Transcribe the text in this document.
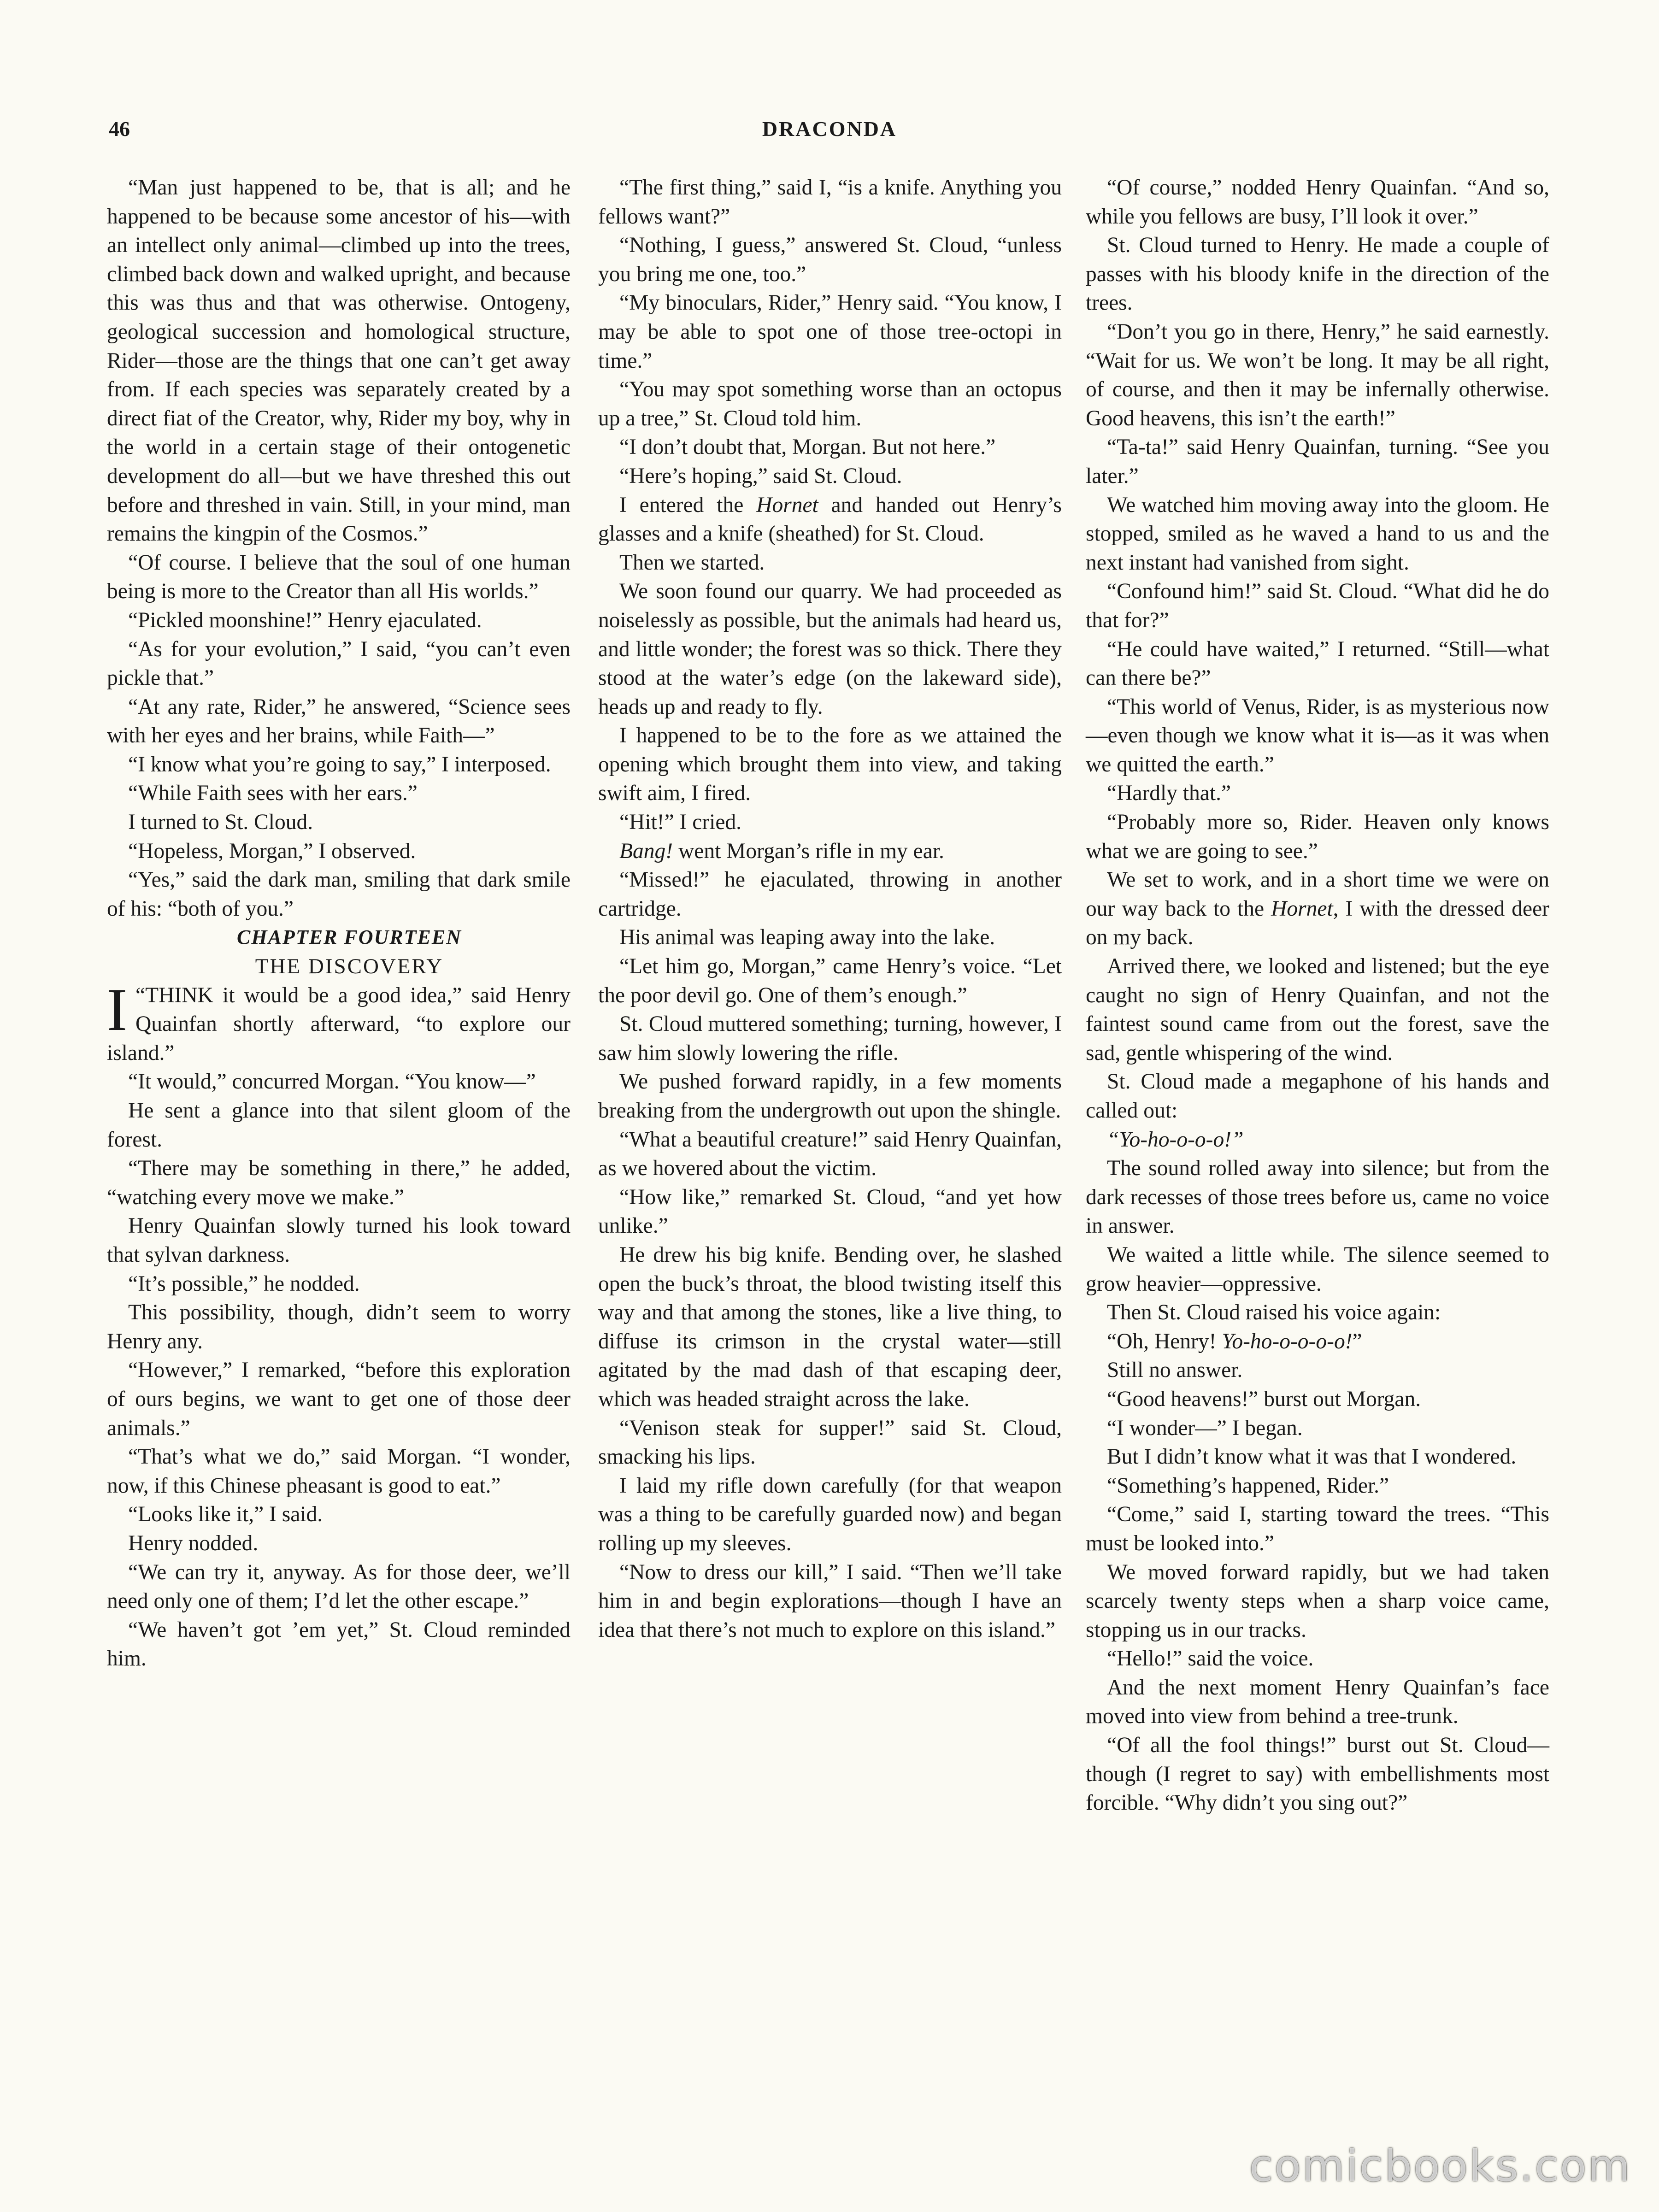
46	DRACONDA

“Man just happened to be, that is all; and he happened to be because some ancestor of his—with an intellect only animal—climbed up into the trees, climbed back down and walked upright, and because this was thus and that was otherwise. Ontogeny, geological succession and homological structure, Rider—those are the things that one can’t get away from. If each species was separately created by a direct fiat of the Creator, why, Rider my boy, why in the world in a certain stage of their ontogenetic development do all—but we have threshed this out before and threshed in vain. Still, in your mind, man remains the kingpin of the Cosmos.”

“Of course. I believe that the soul of one human being is more to the Creator than all His worlds.”

“Pickled moonshine!” Henry ejaculated.

“As for your evolution,” I said, “you can’t even pickle that.”

“At any rate, Rider,” he answered, “Science sees with her eyes and her brains, while Faith—”

“I know what you’re going to say,” I interposed.

“While Faith sees with her ears.”

I turned to St. Cloud.

“Hopeless, Morgan,” I observed.

“Yes,” said the dark man, smiling that dark smile of his: “both of you.”

CHAPTER FOURTEEN

THE DISCOVERY

“
I THINK it would be a good idea,” said Henry Quainfan shortly afterward, “to explore our island.”

“It would,” concurred Morgan. “You know—”

He sent a glance into that silent gloom of the forest.

“There may be something in there,” he added, “watching every move we make.”

Henry Quainfan slowly turned his look toward that sylvan darkness.

“It’s possible,” he nodded.

This possibility, though, didn’t seem to worry Henry any.

“However,” I remarked, “before this exploration of ours begins, we want to get one of those deer animals.”

“That’s what we do,” said Morgan. “I wonder, now, if this Chinese pheasant is good to eat.”

“Looks like it,” I said.

Henry nodded.

“We can try it, anyway. As for those deer, we’ll need only one of them; I’d let the other escape.”

“We haven’t got ’em yet,” St. Cloud reminded him.

“The first thing,” said I, “is a knife. Anything you fellows want?”

“Nothing, I guess,” answered St. Cloud, “unless you bring me one, too.”

“My binoculars, Rider,” Henry said. “You know, I may be able to spot one of those tree-octopi in time.”

“You may spot something worse than an octopus up a tree,” St. Cloud told him.

“I don’t doubt that, Morgan. But not here.”

“Here’s hoping,” said St. Cloud.

I entered the Hornet and handed out Henry’s glasses and a knife (sheathed) for St. Cloud.

Then we started.

We soon found our quarry. We had proceeded as noiselessly as possible, but the animals had heard us, and little wonder; the forest was so thick. There they stood at the water’s edge (on the lakeward side), heads up and ready to fly.

I happened to be to the fore as we attained the opening which brought them into view, and taking swift aim, I fired.

“Hit!” I cried.

Bang! went Morgan’s rifle in my ear.

“Missed!” he ejaculated, throwing in another cartridge.

His animal was leaping away into the lake.

“Let him go, Morgan,” came Henry’s voice. “Let the poor devil go. One of them’s enough.”

St. Cloud muttered something; turning, however, I saw him slowly lowering the rifle.

We pushed forward rapidly, in a few moments breaking from the undergrowth out upon the shingle.

“What a beautiful creature!” said Henry Quainfan, as we hovered about the victim.

“How like,” remarked St. Cloud, “and yet how unlike.”

He drew his big knife. Bending over, he slashed open the buck’s throat, the blood twisting itself this way and that among the stones, like a live thing, to diffuse its crimson in the crystal water—still agitated by the mad dash of that escaping deer, which was headed straight across the lake.

“Venison steak for supper!” said St. Cloud, smacking his lips.

I laid my rifle down carefully (for that weapon was a thing to be carefully guarded now) and began rolling up my sleeves.

“Now to dress our kill,” I said. “Then we’ll take him in and begin explorations—though I have an idea that there’s not much to explore on this island.”

“Of course,” nodded Henry Quainfan. “And so, while you fellows are busy, I’ll look it over.”

St. Cloud turned to Henry. He made a couple of passes with his bloody knife in the direction of the trees.

“Don’t you go in there, Henry,” he said earnestly. “Wait for us. We won’t be long. It may be all right, of course, and then it may be infernally otherwise. Good heavens, this isn’t the earth!”

“Ta-ta!” said Henry Quainfan, turning. “See you later.”

We watched him moving away into the gloom. He stopped, smiled as he waved a hand to us and the next instant had vanished from sight.

“Confound him!” said St. Cloud. “What did he do that for?”

“He could have waited,” I returned. “Still—what can there be?”

“This world of Venus, Rider, is as mysterious now—even though we know what it is—as it was when we quitted the earth.”

“Hardly that.”

“Probably more so, Rider. Heaven only knows what we are going to see.”

We set to work, and in a short time we were on our way back to the Hornet, I with the dressed deer on my back.

Arrived there, we looked and listened; but the eye caught no sign of Henry Quainfan, and not the faintest sound came from out the forest, save the sad, gentle whispering of the wind.

St. Cloud made a megaphone of his hands and called out:

“Yo-ho-o-o-o!”

The sound rolled away into silence; but from the dark recesses of those trees before us, came no voice in answer.

We waited a little while. The silence seemed to grow heavier—oppressive.

Then St. Cloud raised his voice again:

“Oh, Henry! Yo-ho-o-o-o-o!”

Still no answer.

“Good heavens!” burst out Morgan.

“I wonder—” I began.

But I didn’t know what it was that I wondered.

“Something’s happened, Rider.”

“Come,” said I, starting toward the trees. “This must be looked into.”

We moved forward rapidly, but we had taken scarcely twenty steps when a sharp voice came, stopping us in our tracks.

“Hello!” said the voice.

And the next moment Henry Quainfan’s face moved into view from behind a tree-trunk.

“Of all the fool things!” burst out St. Cloud—though (I regret to say) with embellishments most forcible. “Why didn’t you sing out?”

comicbooks.com
